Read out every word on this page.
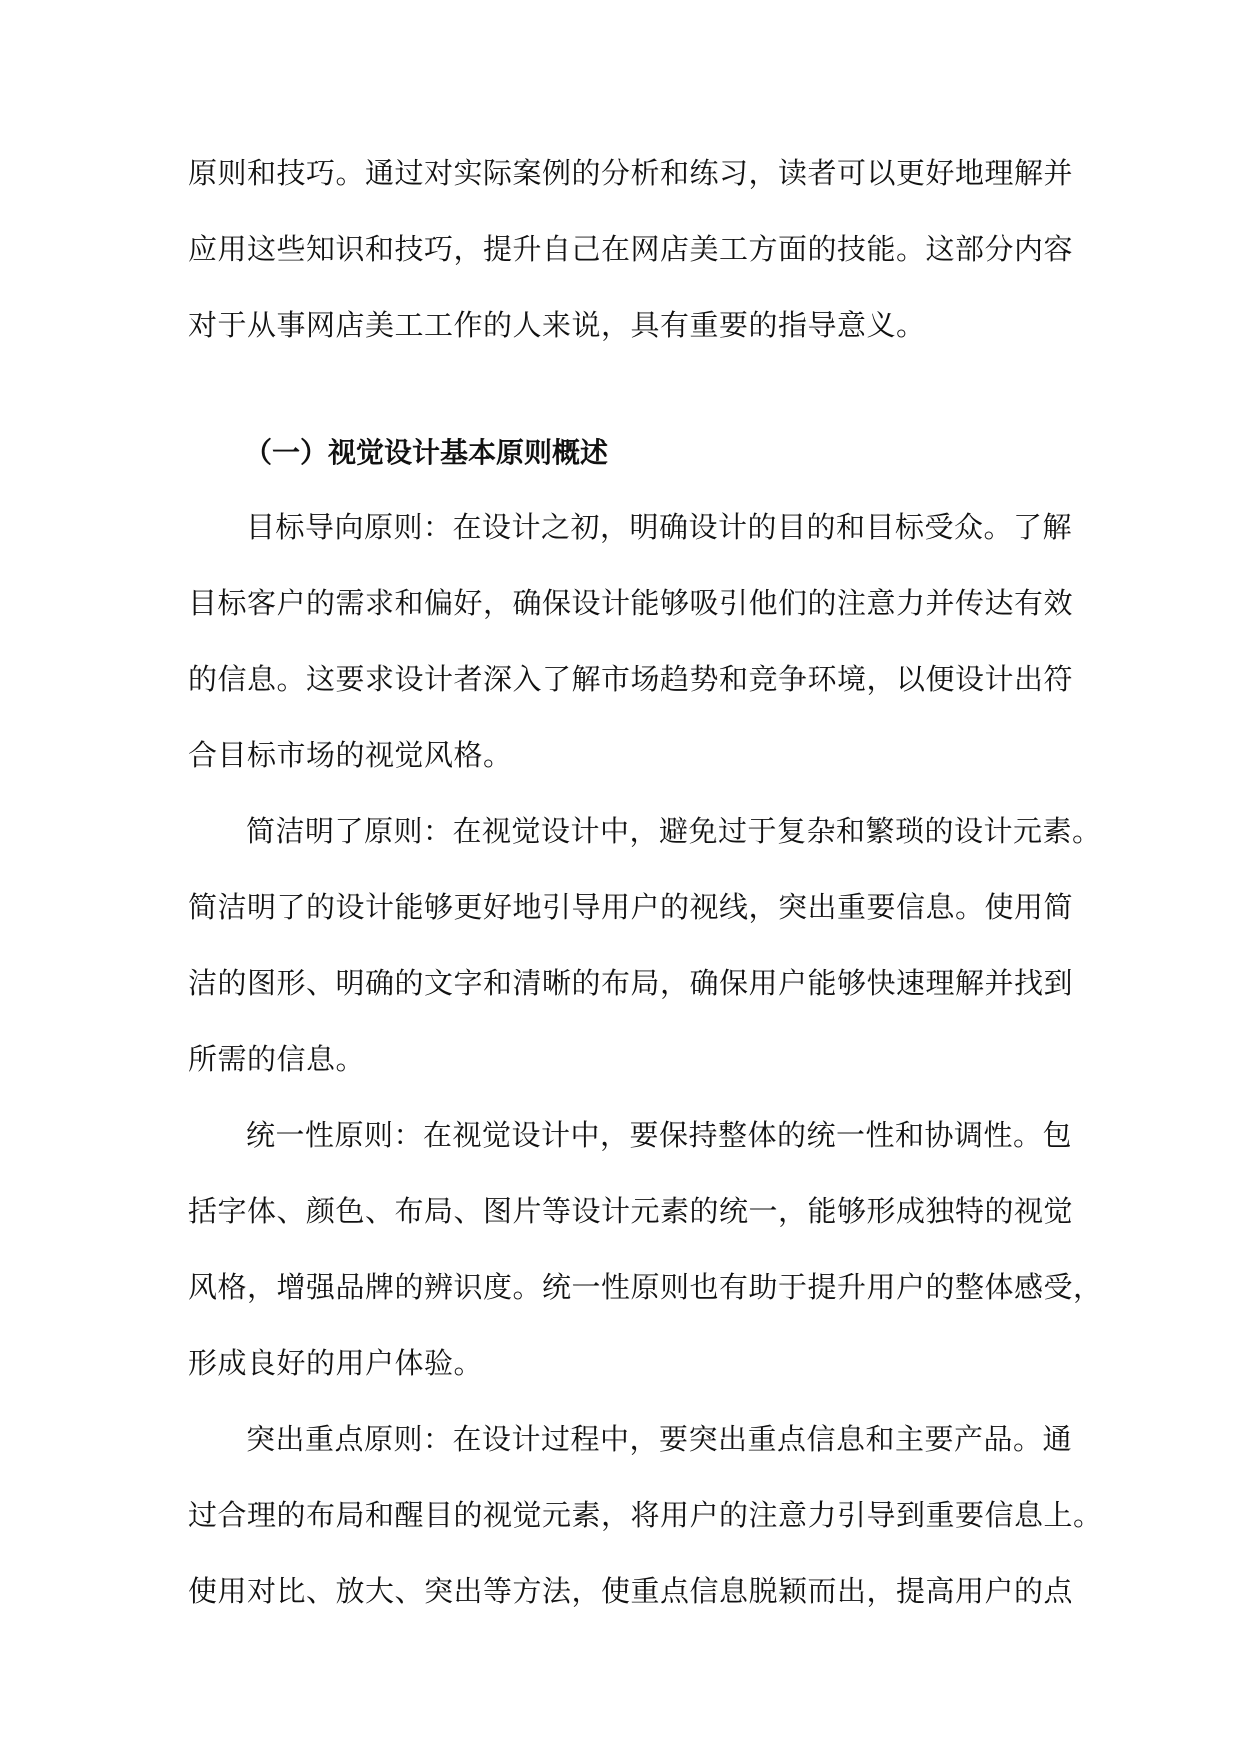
原则和技巧。通过对实际案例的分析和练习，读者可以更好地理解并
应用这些知识和技巧，提升自己在网店美工方面的技能。这部分内容
对于从事网店美工工作的人来说，具有重要的指导意义。
（一）视觉设计基本原则概述
目标导向原则：在设计之初，明确设计的目的和目标受众。了解
目标客户的需求和偏好，确保设计能够吸引他们的注意力并传达有效
的信息。这要求设计者深入了解市场趋势和竞争环境，以便设计出符
合目标市场的视觉风格。
简洁明了原则：在视觉设计中，避免过于复杂和繁琐的设计元素。
简洁明了的设计能够更好地引导用户的视线，突出重要信息。使用简
洁的图形、明确的文字和清晰的布局，确保用户能够快速理解并找到
所需的信息。
统一性原则：在视觉设计中，要保持整体的统一性和协调性。包
括字体、颜色、布局、图片等设计元素的统一，能够形成独特的视觉
风格，增强品牌的辨识度。统一性原则也有助于提升用户的整体感受，
形成良好的用户体验。
突出重点原则：在设计过程中，要突出重点信息和主要产品。通
过合理的布局和醒目的视觉元素，将用户的注意力引导到重要信息上。
使用对比、放大、突出等方法，使重点信息脱颖而出，提高用户的点
